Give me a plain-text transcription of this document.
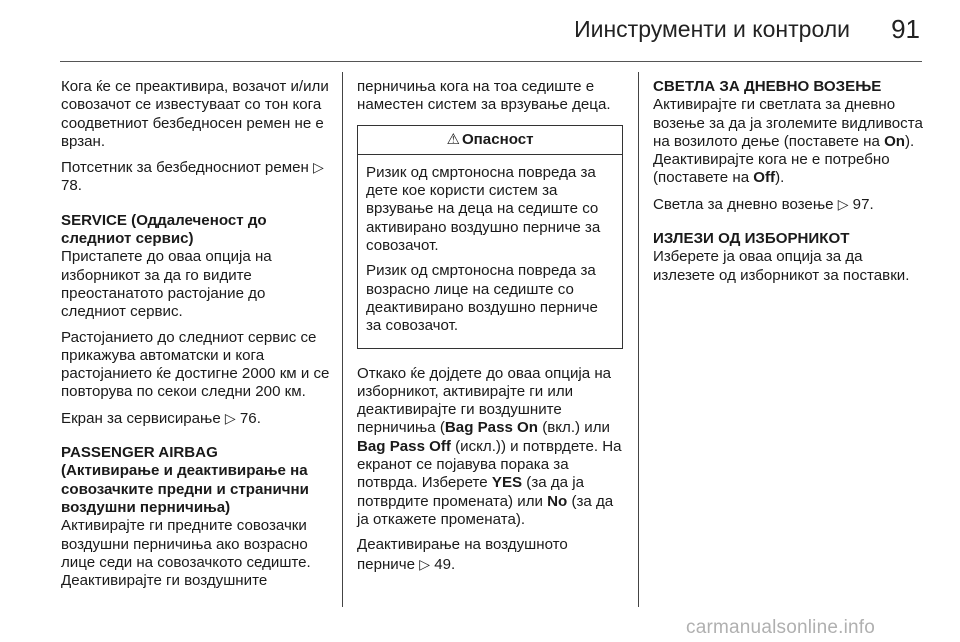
Иинструменти и контроли 91

Кога ќе се преактивира, возачот и/или совозачот се известуваат со тон кога соодветниот безбедносен ремен не е врзан.

Потсетник за безбедносниот ремен ▷ 78.

SERVICE (Оддалеченост до следниот сервис)

Пристапете до оваа опција на изборникот за да го видите преостанатото растојание до следниот сервис.

Растојанието до следниот сервис се прикажува автоматски и кога растојанието ќе достигне 2000 км и се повторува по секои следни 200 км.

Екран за сервисирање ▷ 76.

PASSENGER AIRBAG

(Активирање и деактивирање на совозачките предни и странични воздушни перничиња)

Активирајте ги предните совозачки воздушни перничиња ако возрасно лице седи на совозачкото седиште. Деактивирајте ги воздушните

перничиња кога на тоа седиште е наместен систем за врзување деца.

⚠ Опасност

Ризик од смртоносна повреда за дете кое користи систем за врзување на деца на седиште со активирано воздушно перниче за совозачот.

Ризик од смртоносна повреда за возрасно лице на седиште со деактивирано воздушно перниче за совозачот.

Откако ќе дојдете до оваа опција на изборникот, активирајте ги или деактивирајте ги воздушните перничиња (Bag Pass On (вкл.) или Bag Pass Off (искл.)) и потврдете. На екранот се појавува порака за потврда. Изберете YES (за да ја потврдите промената) или No (за да ја откажете промената).

Деактивирање на воздушното перниче ▷ 49.

СВЕТЛА ЗА ДНЕВНО ВОЗЕЊЕ

Активирајте ги светлата за дневно возење за да ја зголемите видливоста на возилото дење (поставете на On). Деактивирајте кога не е потребно (поставете на Off).

Светла за дневно возење ▷ 97.

ИЗЛЕЗИ ОД ИЗБОРНИКОТ

Изберете ја оваа опција за да излезете од изборникот за поставки.

carmanualsonline.info
